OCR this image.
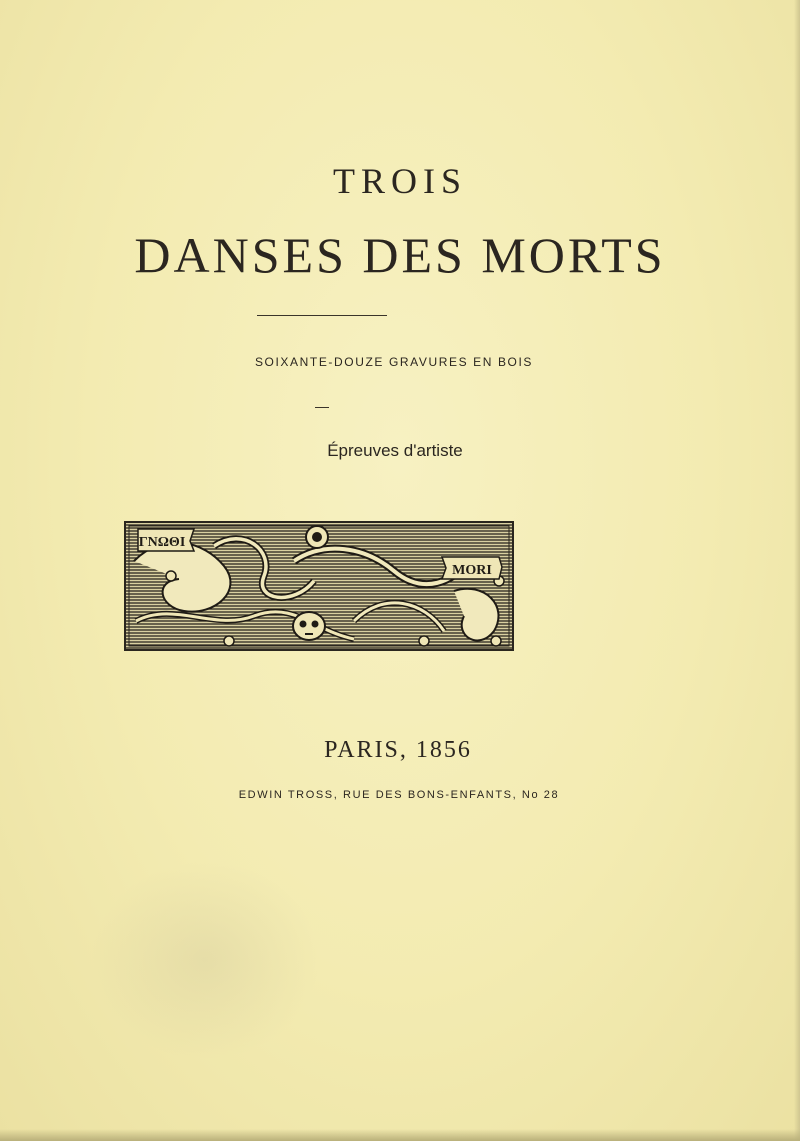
TROIS
DANSES DES MORTS
SOIXANTE-DOUZE GRAVURES EN BOIS
Épreuves d'artiste
ΓΝΩΘΙ
MORI
PARIS, 1856
EDWIN TROSS, RUE DES BONS-ENFANTS, No 28
